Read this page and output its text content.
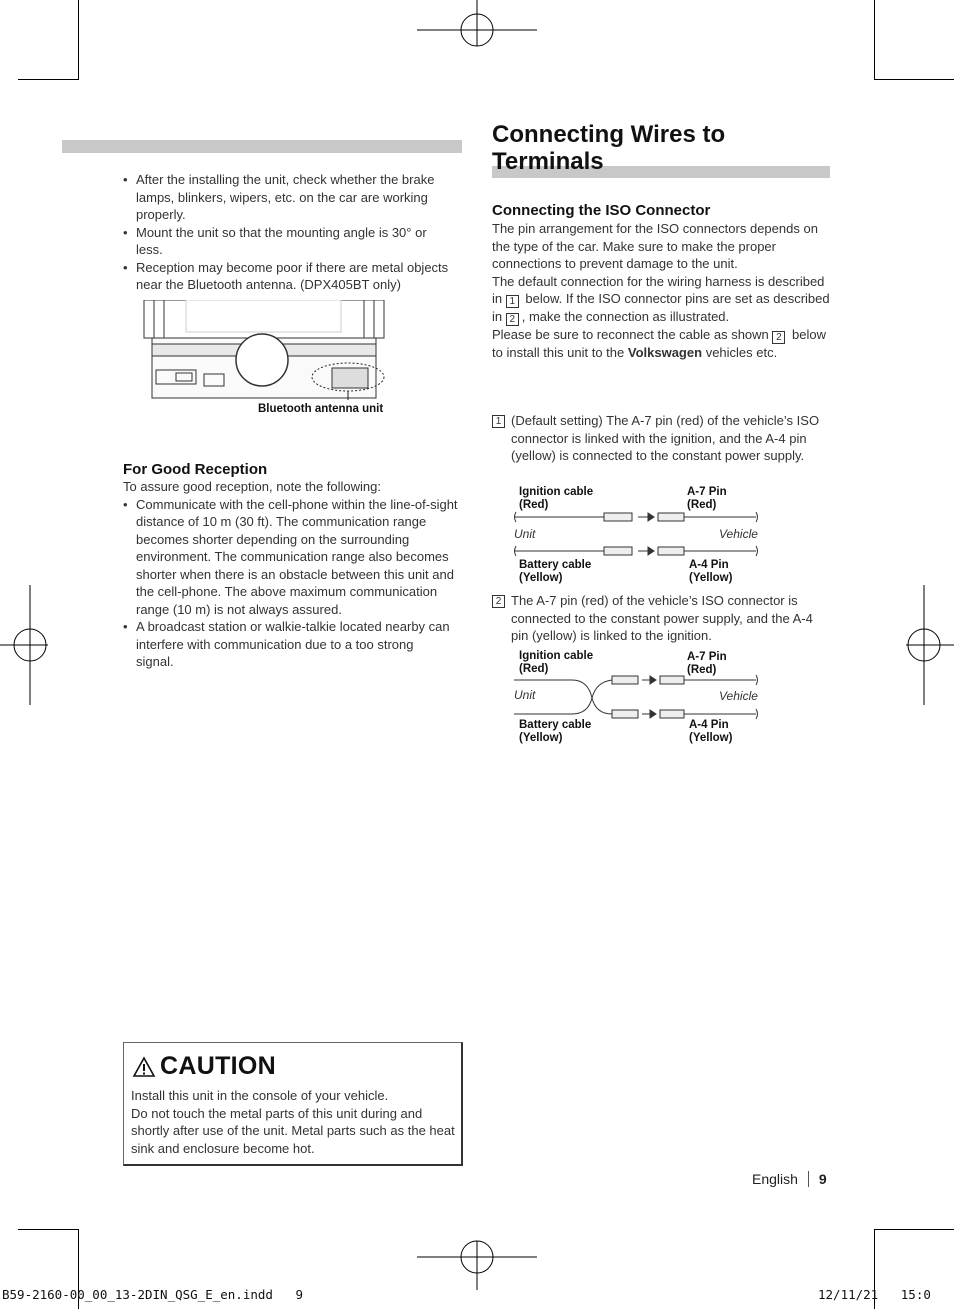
• After the installing the unit, check whether the brake lamps, blinkers, wipers, etc. on the car are working properly.
• Mount the unit so that the mounting angle is 30° or less.
• Reception may become poor if there are metal objects near the Bluetooth antenna. (DPX405BT only)
Bluetooth antenna unit
For Good Reception
To assure good reception, note the following:
• Communicate with the cell-phone within the line-of-sight distance of 10 m (30 ft). The communication range becomes shorter depending on the surrounding environment. The communication range also becomes shorter when there is an obstacle between this unit and the cell-phone. The above maximum communication range (10 m) is not always assured.
• A broadcast station or walkie-talkie located nearby can interfere with communication due to a too strong signal.
CAUTION
Install this unit in the console of your vehicle.
Do not touch the metal parts of this unit during and shortly after use of the unit. Metal parts such as the heat sink and enclosure become hot.
Connecting Wires to Terminals
Connecting the ISO Connector
The pin arrangement for the ISO connectors depends on the type of the car. Make sure to make the proper connections to prevent damage to the unit.
The default connection for the wiring harness is described in 1 below. If the ISO connector pins are set as described in 2 , make the connection as illustrated.
Please be sure to reconnect the cable as shown 2 below to install this unit to the Volkswagen vehicles etc.
1 (Default setting) The A-7 pin (red) of the vehicle’s ISO connector is linked with the ignition, and the A-4 pin (yellow) is connected to the constant power supply.
Ignition cable
(Red)
A-7 Pin
(Red)
Unit	Vehicle
Battery cable
(Yellow)
A-4 Pin
(Yellow)
2 The A-7 pin (red) of the vehicle’s ISO connector is connected to the constant power supply, and the A-4 pin (yellow) is linked to the ignition.
Ignition cable
(Red)
A-7 Pin
(Red)
Unit	Vehicle
Battery cable
(Yellow)
A-4 Pin
(Yellow)
English 9
B59-2160-00_00_13-2DIN_QSG_E_en.indd   9	12/11/21   15:0
